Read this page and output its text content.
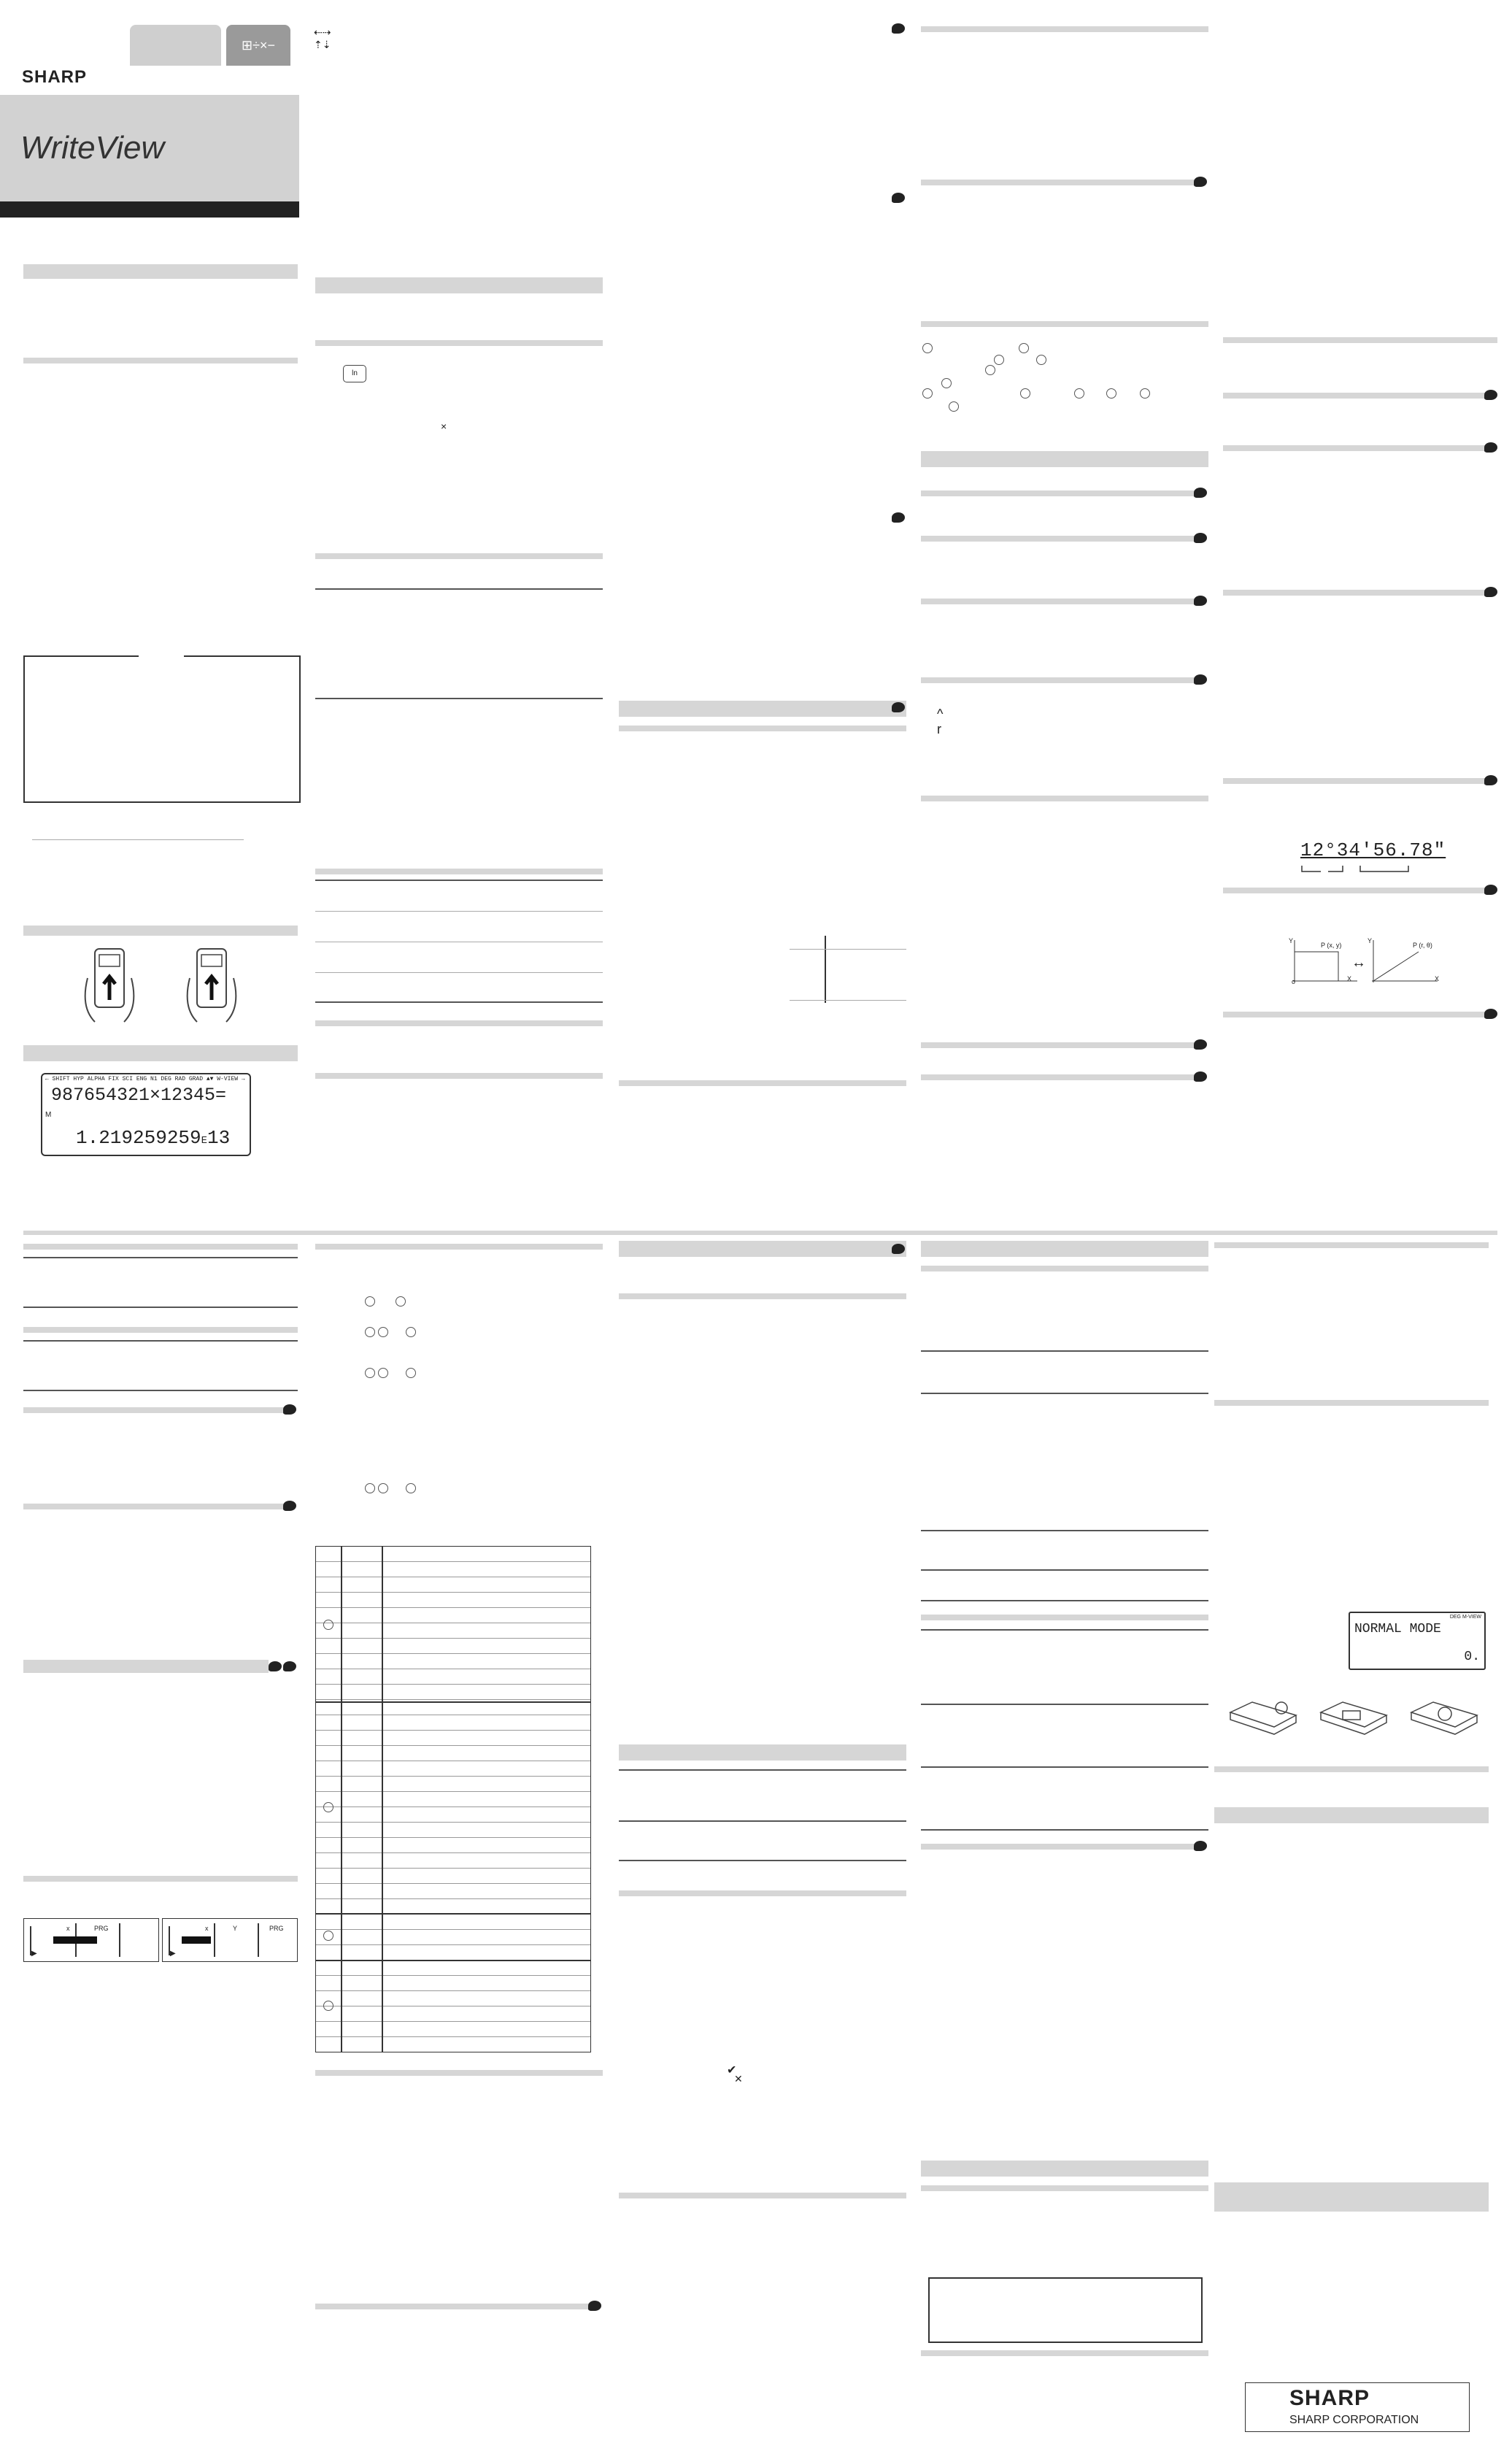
⊞÷×−
SHARP
WriteView
← SHIFT HYP ALPHA FIX SCI ENG N1 DEG RAD GRAD ▲▼ W-VIEW →
987654321×12345=
M
1.219259259E13
⇠⇢
⇡⇣
ln
×
^
r
12°34'56.78"
P (x, y)
↔
P (r, θ)
Y
X
Y
X
o
x	PRG
▶
x	Y	PRG
▶
✔
✕
DEG M-VIEW
NORMAL MODE
0.
SHARP
SHARP CORPORATION
